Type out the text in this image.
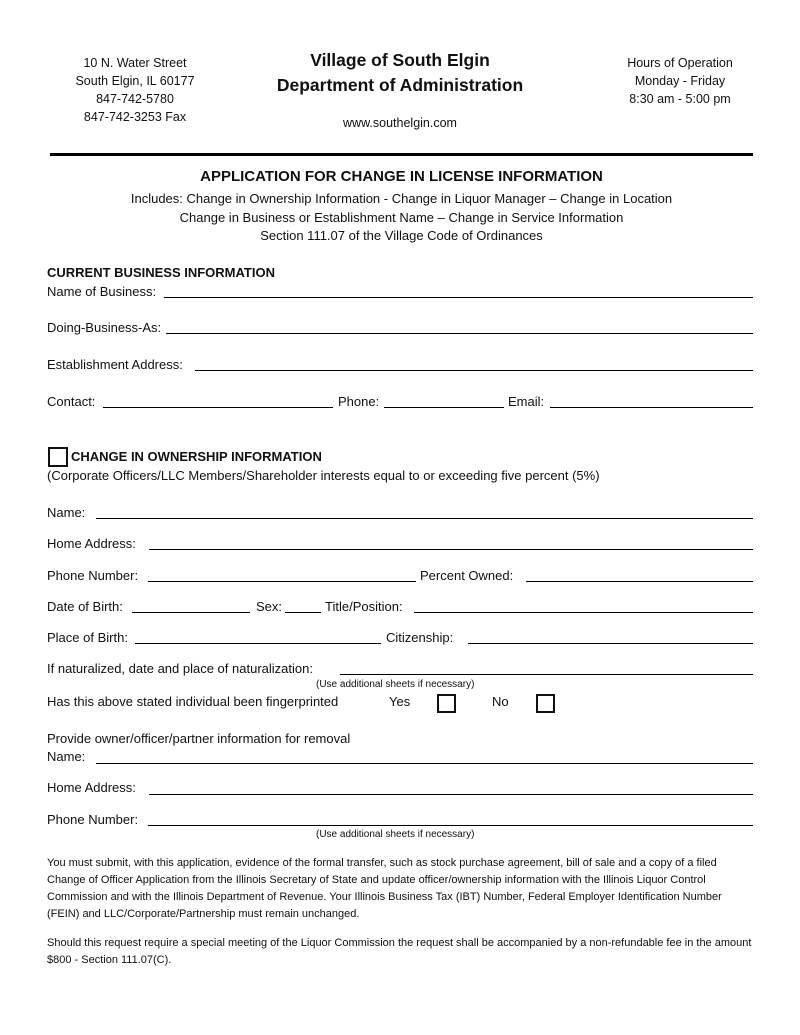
10 N. Water Street
South Elgin, IL 60177
847-742-5780
847-742-3253 Fax
Village of South Elgin
Department of Administration
www.southelgin.com
Hours of Operation
Monday - Friday
8:30 am - 5:00 pm
APPLICATION FOR CHANGE IN LICENSE INFORMATION
Includes: Change in Ownership Information - Change in Liquor Manager – Change in Location
Change in Business or Establishment Name – Change in Service Information
Section 111.07 of the Village Code of Ordinances
CURRENT BUSINESS INFORMATION
Name of Business:
Doing-Business-As:
Establishment Address:
Contact:	Phone:	Email:
CHANGE IN OWNERSHIP INFORMATION
(Corporate Officers/LLC Members/Shareholder interests equal to or exceeding five percent (5%)
Name:
Home Address:
Phone Number:	Percent Owned:
Date of Birth:	Sex:	Title/Position:
Place of Birth:	Citizenship:
If naturalized, date and place of naturalization:
(Use additional sheets if necessary)
Has this above stated individual been fingerprinted	Yes	No
Provide owner/officer/partner information for removal
Name:
Home Address:
Phone Number:
(Use additional sheets if necessary)
You must submit, with this application, evidence of the formal transfer, such as stock purchase agreement, bill of sale and a copy of a filed Change of Officer Application from the Illinois Secretary of State and update officer/ownership information with the Illinois Liquor Control Commission and with the Illinois Department of Revenue. Your Illinois Business Tax (IBT) Number, Federal Employer Identification Number (FEIN) and LLC/Corporate/Partnership must remain unchanged.
Should this request require a special meeting of the Liquor Commission the request shall be accompanied by a non-refundable fee in the amount $800 - Section 111.07(C).
